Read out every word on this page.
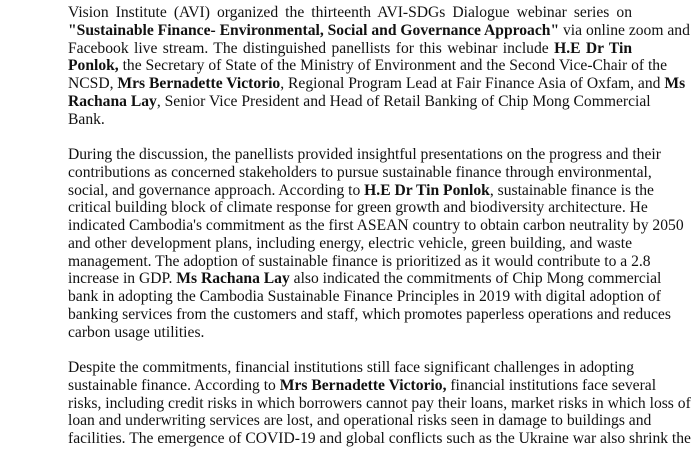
Vision Institute (AVI) organized the thirteenth AVI-SDGs Dialogue webinar series on
"Sustainable Finance- Environmental, Social and Governance Approach" via online zoom and
Facebook live stream. The distinguished panellists for this webinar include H.E Dr Tin
Ponlok, the Secretary of State of the Ministry of Environment and the Second Vice-Chair of the
NCSD, Mrs Bernadette Victorio, Regional Program Lead at Fair Finance Asia of Oxfam, and Ms
Rachana Lay, Senior Vice President and Head of Retail Banking of Chip Mong Commercial
Bank.
During the discussion, the panellists provided insightful presentations on the progress and their
contributions as concerned stakeholders to pursue sustainable finance through environmental,
social, and governance approach. According to H.E Dr Tin Ponlok, sustainable finance is the
critical building block of climate response for green growth and biodiversity architecture. He
indicated Cambodia's commitment as the first ASEAN country to obtain carbon neutrality by 2050
and other development plans, including energy, electric vehicle, green building, and waste
management. The adoption of sustainable finance is prioritized as it would contribute to a 2.8
increase in GDP. Ms Rachana Lay also indicated the commitments of Chip Mong commercial
bank in adopting the Cambodia Sustainable Finance Principles in 2019 with digital adoption of
banking services from the customers and staff, which promotes paperless operations and reduces
carbon usage utilities.
Despite the commitments, financial institutions still face significant challenges in adopting
sustainable finance. According to Mrs Bernadette Victorio, financial institutions face several
risks, including credit risks in which borrowers cannot pay their loans, market risks in which loss of
loan and underwriting services are lost, and operational risks seen in damage to buildings and
facilities. The emergence of COVID-19 and global conflicts such as the Ukraine war also shrink the
